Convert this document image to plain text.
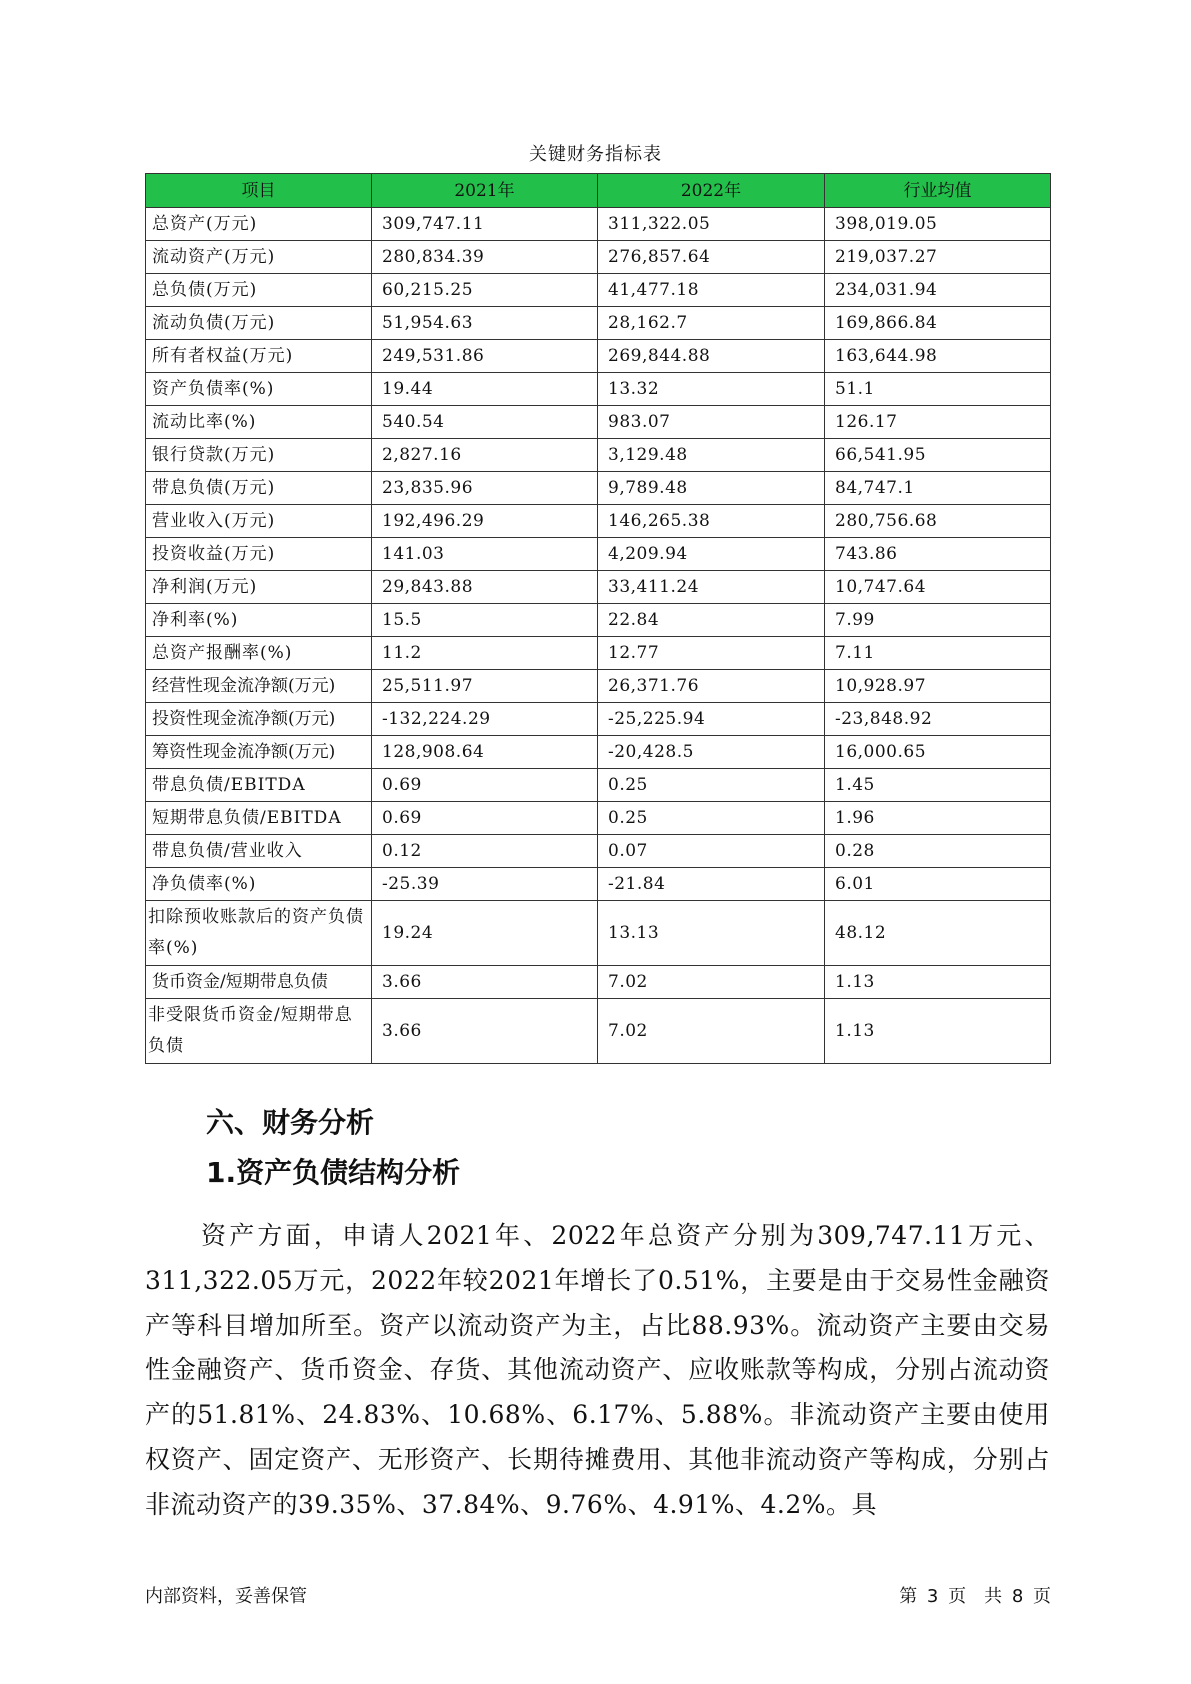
关键财务指标表
项目	2021年	2022年	行业均值
总资产(万元)	309,747.11	311,322.05	398,019.05
流动资产(万元)	280,834.39	276,857.64	219,037.27
总负债(万元)	60,215.25	41,477.18	234,031.94
流动负债(万元)	51,954.63	28,162.7	169,866.84
所有者权益(万元)	249,531.86	269,844.88	163,644.98
资产负债率(%)	19.44	13.32	51.1
流动比率(%)	540.54	983.07	126.17
银行贷款(万元)	2,827.16	3,129.48	66,541.95
带息负债(万元)	23,835.96	9,789.48	84,747.1
营业收入(万元)	192,496.29	146,265.38	280,756.68
投资收益(万元)	141.03	4,209.94	743.86
净利润(万元)	29,843.88	33,411.24	10,747.64
净利率(%)	15.5	22.84	7.99
总资产报酬率(%)	11.2	12.77	7.11
经营性现金流净额(万元)	25,511.97	26,371.76	10,928.97
投资性现金流净额(万元)	-132,224.29	-25,225.94	-23,848.92
筹资性现金流净额(万元)	128,908.64	-20,428.5	16,000.65
带息负债/EBITDA	0.69	0.25	1.45
短期带息负债/EBITDA	0.69	0.25	1.96
带息负债/营业收入	0.12	0.07	0.28
净负债率(%)	-25.39	-21.84	6.01
扣除预收账款后的资产负债率(%)	19.24	13.13	48.12
货币资金/短期带息负债	3.66	7.02	1.13
非受限货币资金/短期带息负债	3.66	7.02	1.13
六、财务分析
1.资产负债结构分析

资产方面，申请人2021年、2022年总资产分别为309,747.11万元、311,322.05万元，2022年较2021年增长了0.51%，主要是由于交易性金融资产等科目增加所至。资产以流动资产为主，占比88.93%。流动资产主要由交易性金融资产、货币资金、存货、其他流动资产、应收账款等构成，分别占流动资产的51.81%、24.83%、10.68%、6.17%、5.88%。非流动资产主要由使用权资产、固定资产、无形资产、长期待摊费用、其他非流动资产等构成，分别占非流动资产的39.35%、37.84%、9.76%、4.91%、4.2%。具

内部资料，妥善保管	第 3 页　共 8 页
